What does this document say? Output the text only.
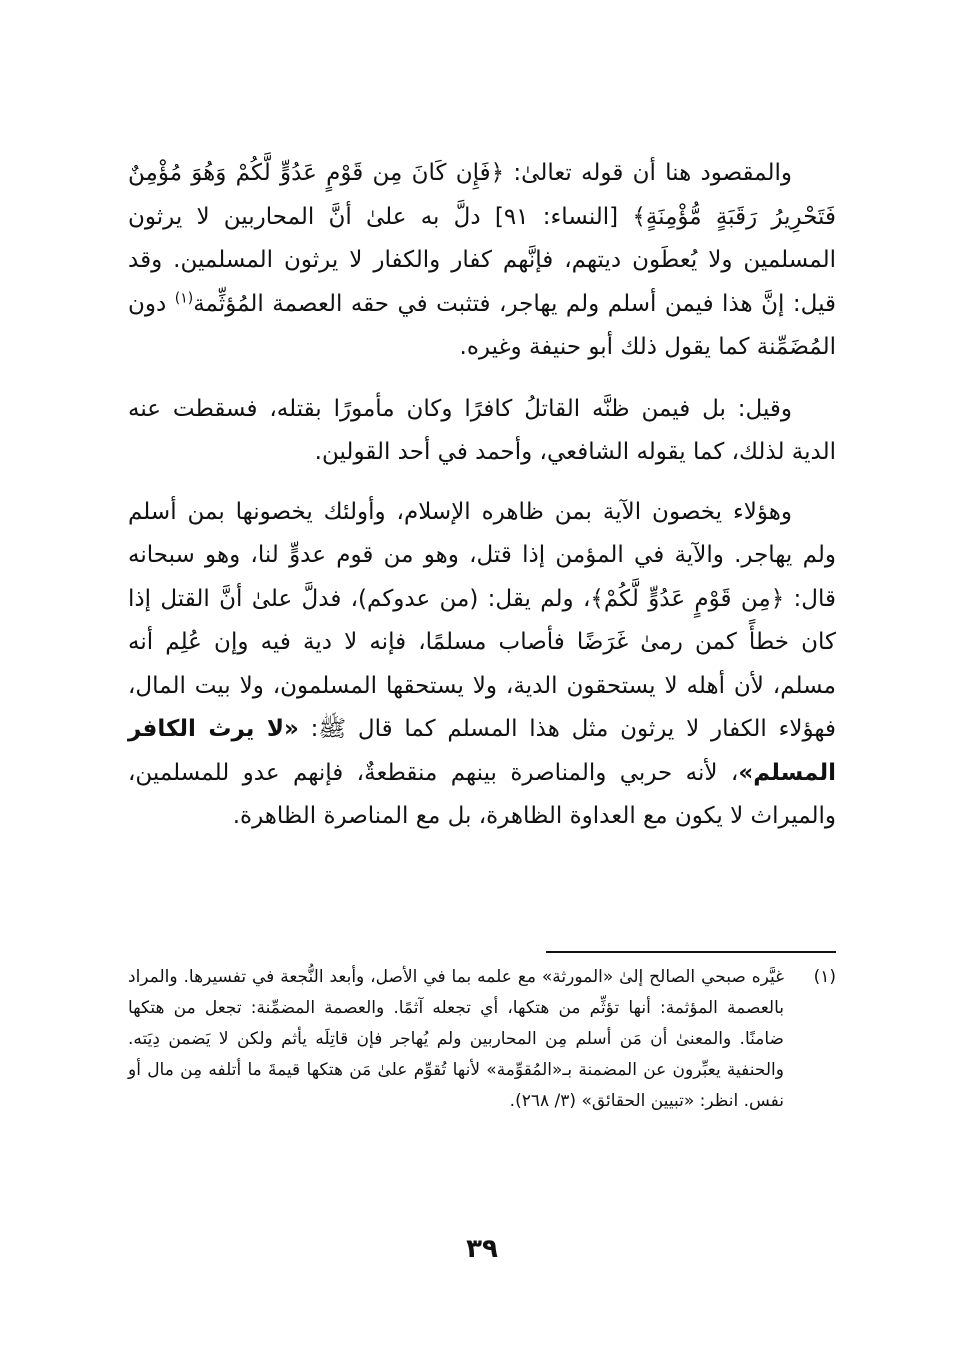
والمقصود هنا أن قوله تعالىٰ: ﴿فَإِن كَانَ مِن قَوْمٍ عَدُوٍّ لَّكُمْ وَهُوَ مُؤْمِنٌ فَتَحْرِيرُ رَقَبَةٍ مُّؤْمِنَةٍ﴾ [النساء: ٩١] دلَّ به علىٰ أنَّ المحاربين لا يرثون المسلمين ولا يُعطَون ديتهم، فإنَّهم كفار والكفار لا يرثون المسلمين. وقد قيل: إنَّ هذا فيمن أسلم ولم يهاجر، فتثبت في حقه العصمة المُؤثِّمة$^{(١)}$ دون المُضَمِّنة كما يقول ذلك أبو حنيفة وغيره.

وقيل: بل فيمن ظنَّه القاتلُ كافرًا وكان مأمورًا بقتله، فسقطت عنه الدية لذلك، كما يقوله الشافعي، وأحمد في أحد القولين.

وهؤلاء يخصون الآية بمن ظاهره الإسلام، وأولئك يخصونها بمن أسلم ولم يهاجر. والآية في المؤمن إذا قتل، وهو من قوم عدوٍّ لنا، وهو سبحانه قال: ﴿مِن قَوْمٍ عَدُوٍّ لَّكُمْ﴾، ولم يقل: (من عدوكم)، فدلَّ علىٰ أنَّ القتل إذا كان خطأً كمن رمىٰ غَرَضًا فأصاب مسلمًا، فإنه لا دية فيه وإن عُلِم أنه مسلم، لأن أهله لا يستحقون الدية، ولا يستحقها المسلمون، ولا بيت المال، فهؤلاء الكفار لا يرثون مثل هذا المسلم كما قال ﷺ: «لا يرث الكافر المسلم»، لأنه حربي والمناصرة بينهم منقطعةٌ، فإنهم عدو للمسلمين، والميراث لا يكون مع العداوة الظاهرة، بل مع المناصرة الظاهرة.

(١)
غيَّره صبحي الصالح إلىٰ «المورثة» مع علمه بما في الأصل، وأبعد النُّجعة في تفسيرها. والمراد بالعصمة المؤثمة: أنها تؤثِّم من هتكها، أي تجعله آثمًا. والعصمة المضمِّنة: تجعل من هتكها ضامنًا. والمعنىٰ أن مَن أسلم مِن المحاربين ولم يُهاجر فإن قاتِلَه يأثم ولكن لا يَضمن دِيَته. والحنفية يعبِّرون عن المضمنة بـ«المُقوِّمة» لأنها تُقوِّم علىٰ مَن هتكها قيمةَ ما أتلفه مِن مال أو نفس. انظر: «تبيين الحقائق» (٣/ ٢٦٨).
٣٩
